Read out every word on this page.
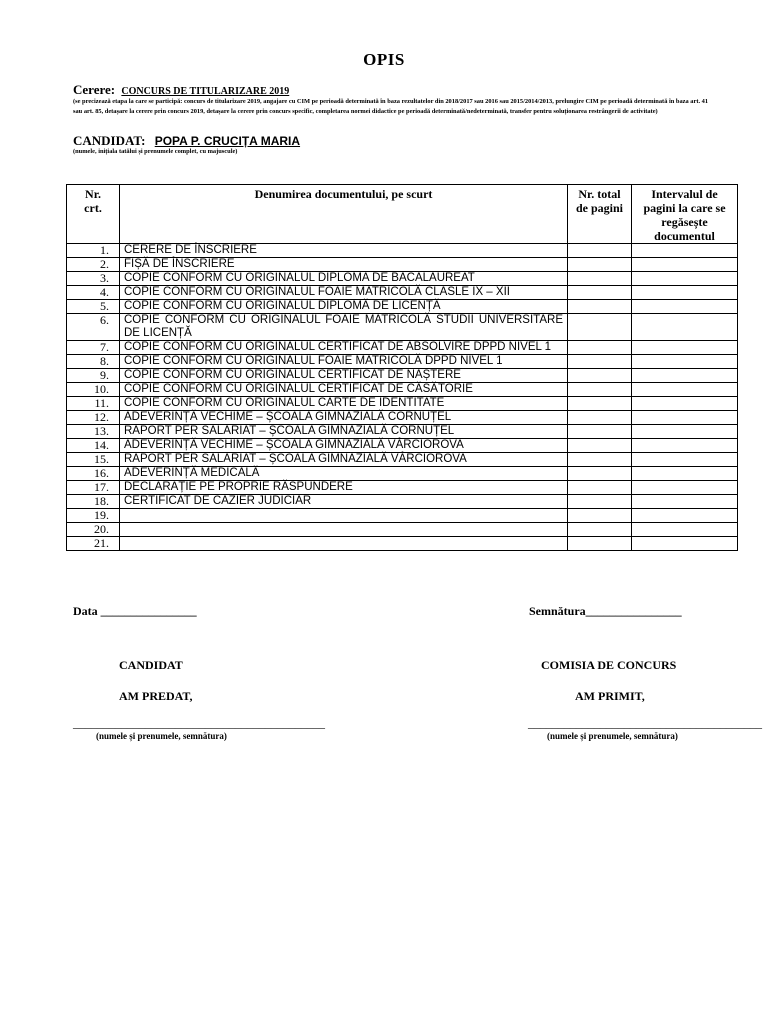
OPIS
Cerere: CONCURS DE TITULARIZARE 2019
(se precizează etapa la care se participă: concurs de titularizare 2019, angajare cu CIM pe perioadă determinată în baza rezultatelor din 2018/2017 sau 2016 sau 2015/2014/2013, prelungire CIM pe perioadă determinată în baza art. 41 sau art. 85, detașare la cerere prin concurs 2019, detașare la cerere prin concurs specific, completarea normei didactice pe perioadă determinată/nedeterminată, transfer pentru soluționarea restrângerii de activitate)
CANDIDAT: POPA P. CRUCIȚA MARIA
(numele, inițiala tatălui și prenumele complet, cu majuscule)
Nr. crt.	Denumirea documentului, pe scurt	Nr. total de pagini	Intervalul de pagini la care se regăsește documentul
1.	CERERE DE ÎNSCRIERE		
2.	FIȘĂ DE ÎNSCRIERE		
3.	COPIE CONFORM CU ORIGINALUL DIPLOMA DE BACALAUREAT		
4.	COPIE CONFORM CU ORIGINALUL FOAIE MATRICOLĂ CLASLE IX – XII		
5.	COPIE CONFORM CU ORIGINALUL DIPLOMĂ DE LICENȚĂ		
6.	COPIE CONFORM CU ORIGINALUL FOAIE MATRICOLĂ STUDII UNIVERSITARE DE LICENȚĂ		
7.	COPIE CONFORM CU ORIGINALUL CERTIFICAT DE ABSOLVIRE DPPD NIVEL 1		
8.	COPIE CONFORM CU ORIGINALUL FOAIE MATRICOLĂ DPPD NIVEL 1		
9.	COPIE CONFORM CU ORIGINALUL CERTIFICAT DE NAȘTERE		
10.	COPIE CONFORM CU ORIGINALUL CERTIFICAT DE CĂSĂTORIE		
11.	COPIE CONFORM CU ORIGINALUL CARTE DE IDENTITATE		
12.	ADEVERINȚĂ VECHIME – ȘCOALA GIMNAZIALĂ CORNUȚEL		
13.	RAPORT PER SALARIAT – ȘCOALA GIMNAZIALĂ CORNUȚEL		
14.	ADEVERINȚĂ VECHIME – ȘCOALA GIMNAZIALĂ VÂRCIOROVA		
15.	RAPORT PER SALARIAT – ȘCOALA GIMNAZIALĂ VÂRCIOROVA		
16.	ADEVERINȚĂ MEDICALĂ		
17.	DECLARAȚIE PE PROPRIE RĂSPUNDERE		
18.	CERTIFICAT DE CAZIER JUDICIAR		
19.			
20.			
21.			
Data ________________	Semnătura________________
CANDIDAT
AM PREDAT,
__________________________________________
(numele și prenumele, semnătura)
COMISIA DE CONCURS
AM PRIMIT,
_______________________________________
(numele și prenumele, semnătura)
